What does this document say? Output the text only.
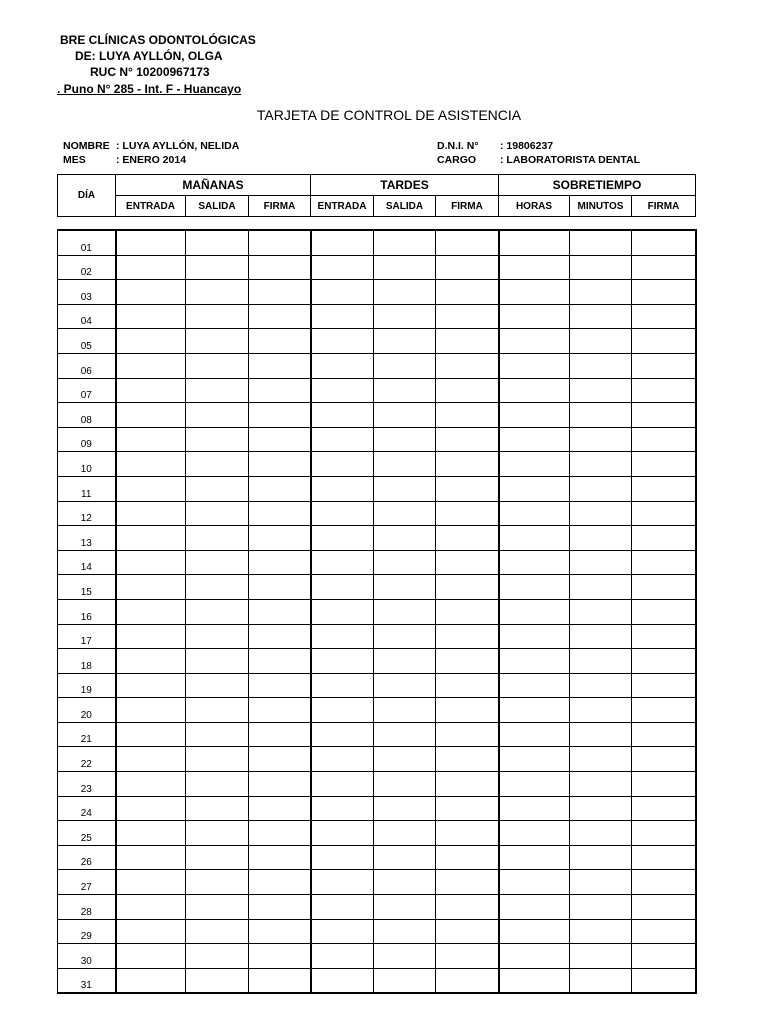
BRE CLÍNICAS ODONTOLÓGICAS
DE: LUYA AYLLÓN, OLGA
RUC N° 10200967173
. Puno N° 285 - Int. F - Huancayo
TARJETA DE CONTROL DE ASISTENCIA
NOMBRE : LUYA AYLLÓN, NELIDA
MES	: ENERO 2014
D.N.I. N° : 19806237
CARGO : LABORATORISTA DENTAL
DÍA	MAÑANAS			TARDES			SOBRETIEMPO		
	ENTRADA	SALIDA	FIRMA	ENTRADA	SALIDA	FIRMA	HORAS	MINUTOS	FIRMA
01									
02									
03									
04									
05									
06									
07									
08									
09									
10									
11									
12									
13									
14									
15									
16									
17									
18									
19									
20									
21									
22									
23									
24									
25									
26									
27									
28									
29									
30									
31									
